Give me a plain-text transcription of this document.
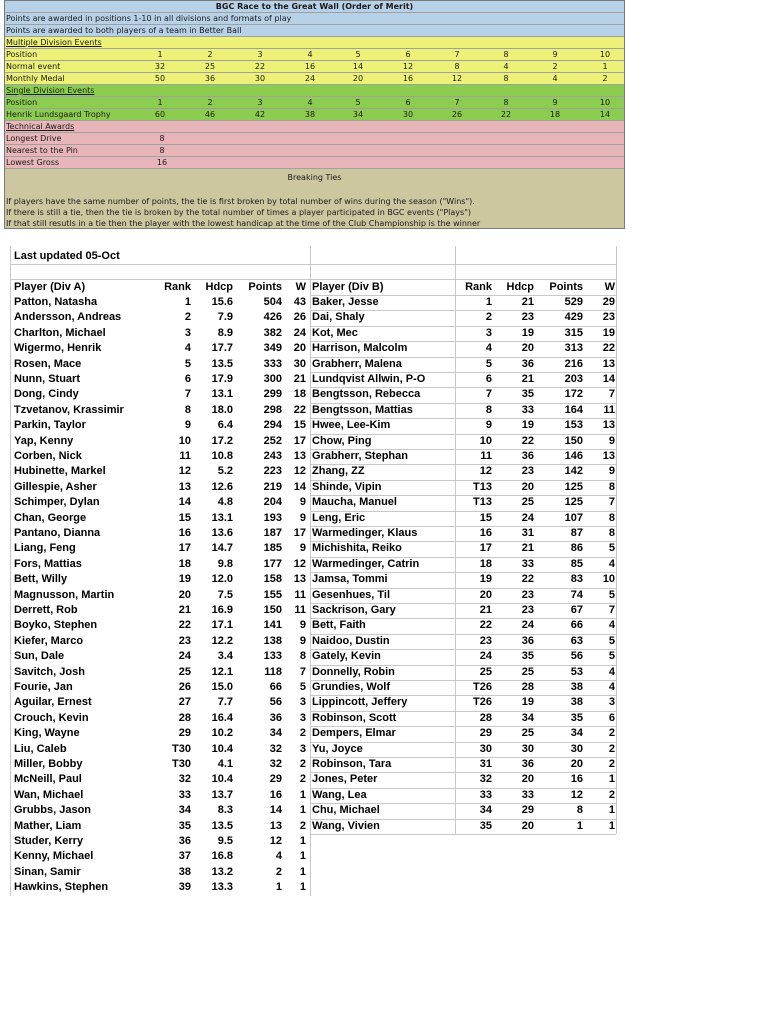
BGC Race to the Great Wall (Order of Merit)
Points are awarded in positions 1-10 in all divisions and formats of play
Points are awarded to both players of a team in Better Ball
Multiple Division Events
Position	1	2	3	4	5	6	7	8	9	10
Normal event	32	25	22	16	14	12	8	4	2	1
Monthly Medal	50	36	30	24	20	16	12	8	4	2
Single Division Events
Position	1	2	3	4	5	6	7	8	9	10
Henrik Lundsgaard Trophy	60	46	42	38	34	30	26	22	18	14
Technical Awards
Longest Drive	8
Nearest to the Pin	8
Lowest Gross	16
Breaking Ties
If players have the same number of points, the tie is first broken by total number of wins during the season ("Wins").
If there is still a tie, then the tie is broken by the total number of times a player participated in BGC events ("Plays")
If that still resutls in a tie then the player with the lowest handicap at the time of the Club Championship is the winner
Last updated 05-Oct
Player (Div A)	Rank	Hdcp	Points	W Player (Div B)	Rank	Hdcp	Points	W
Patton, Natasha	1	15.6	504	43 Baker, Jesse	1	21	529	29
Andersson, Andreas	2	7.9	426	26 Dai, Shaly	2	23	429	23
Charlton, Michael	3	8.9	382	24 Kot, Mec	3	19	315	19
Wigermo, Henrik	4	17.7	349	20 Harrison, Malcolm	4	20	313	22
Rosen, Mace	5	13.5	333	30 Grabherr, Malena	5	36	216	13
Nunn, Stuart	6	17.9	300	21 Lundqvist Allwin, P-O	6	21	203	14
Dong, Cindy	7	13.1	299	18 Bengtsson, Rebecca	7	35	172	7
Tzvetanov, Krassimir	8	18.0	298	22 Bengtsson, Mattias	8	33	164	11
Parkin, Taylor	9	6.4	294	15 Hwee, Lee-Kim	9	19	153	13
Yap, Kenny	10	17.2	252	17 Chow, Ping	10	22	150	9
Corben, Nick	11	10.8	243	13 Grabherr, Stephan	11	36	146	13
Hubinette, Markel	12	5.2	223	12 Zhang, ZZ	12	23	142	9
Gillespie, Asher	13	12.6	219	14 Shinde, Vipin	T13	20	125	8
Schimper, Dylan	14	4.8	204	9 Maucha, Manuel	T13	25	125	7
Chan, George	15	13.1	193	9 Leng, Eric	15	24	107	8
Pantano, Dianna	16	13.6	187	17 Warmedinger, Klaus	16	31	87	8
Liang, Feng	17	14.7	185	9 Michishita, Reiko	17	21	86	5
Fors, Mattias	18	9.8	177	12 Warmedinger, Catrin	18	33	85	4
Bett, Willy	19	12.0	158	13 Jamsa, Tommi	19	22	83	10
Magnusson, Martin	20	7.5	155	11 Gesenhues, Til	20	23	74	5
Derrett, Rob	21	16.9	150	11 Sackrison, Gary	21	23	67	7
Boyko, Stephen	22	17.1	141	9 Bett, Faith	22	24	66	4
Kiefer, Marco	23	12.2	138	9 Naidoo, Dustin	23	36	63	5
Sun, Dale	24	3.4	133	8 Gately, Kevin	24	35	56	5
Savitch, Josh	25	12.1	118	7 Donnelly, Robin	25	25	53	4
Fourie, Jan	26	15.0	66	5 Grundies, Wolf	T26	28	38	4
Aguilar, Ernest	27	7.7	56	3 Lippincott, Jeffery	T26	19	38	3
Crouch, Kevin	28	16.4	36	3 Robinson, Scott	28	34	35	6
King, Wayne	29	10.2	34	2 Dempers, Elmar	29	25	34	2
Liu, Caleb	T30	10.4	32	3 Yu, Joyce	30	30	30	2
Miller, Bobby	T30	4.1	32	2 Robinson, Tara	31	36	20	2
McNeill, Paul	32	10.4	29	2 Jones, Peter	32	20	16	1
Wan, Michael	33	13.7	16	1 Wang, Lea	33	33	12	2
Grubbs, Jason	34	8.3	14	1 Chu, Michael	34	29	8	1
Mather, Liam	35	13.5	13	2 Wang, Vivien	35	20	1	1
Studer, Kerry	36	9.5	12	1
Kenny, Michael	37	16.8	4	1
Sinan, Samir	38	13.2	2	1
Hawkins, Stephen	39	13.3	1	1
